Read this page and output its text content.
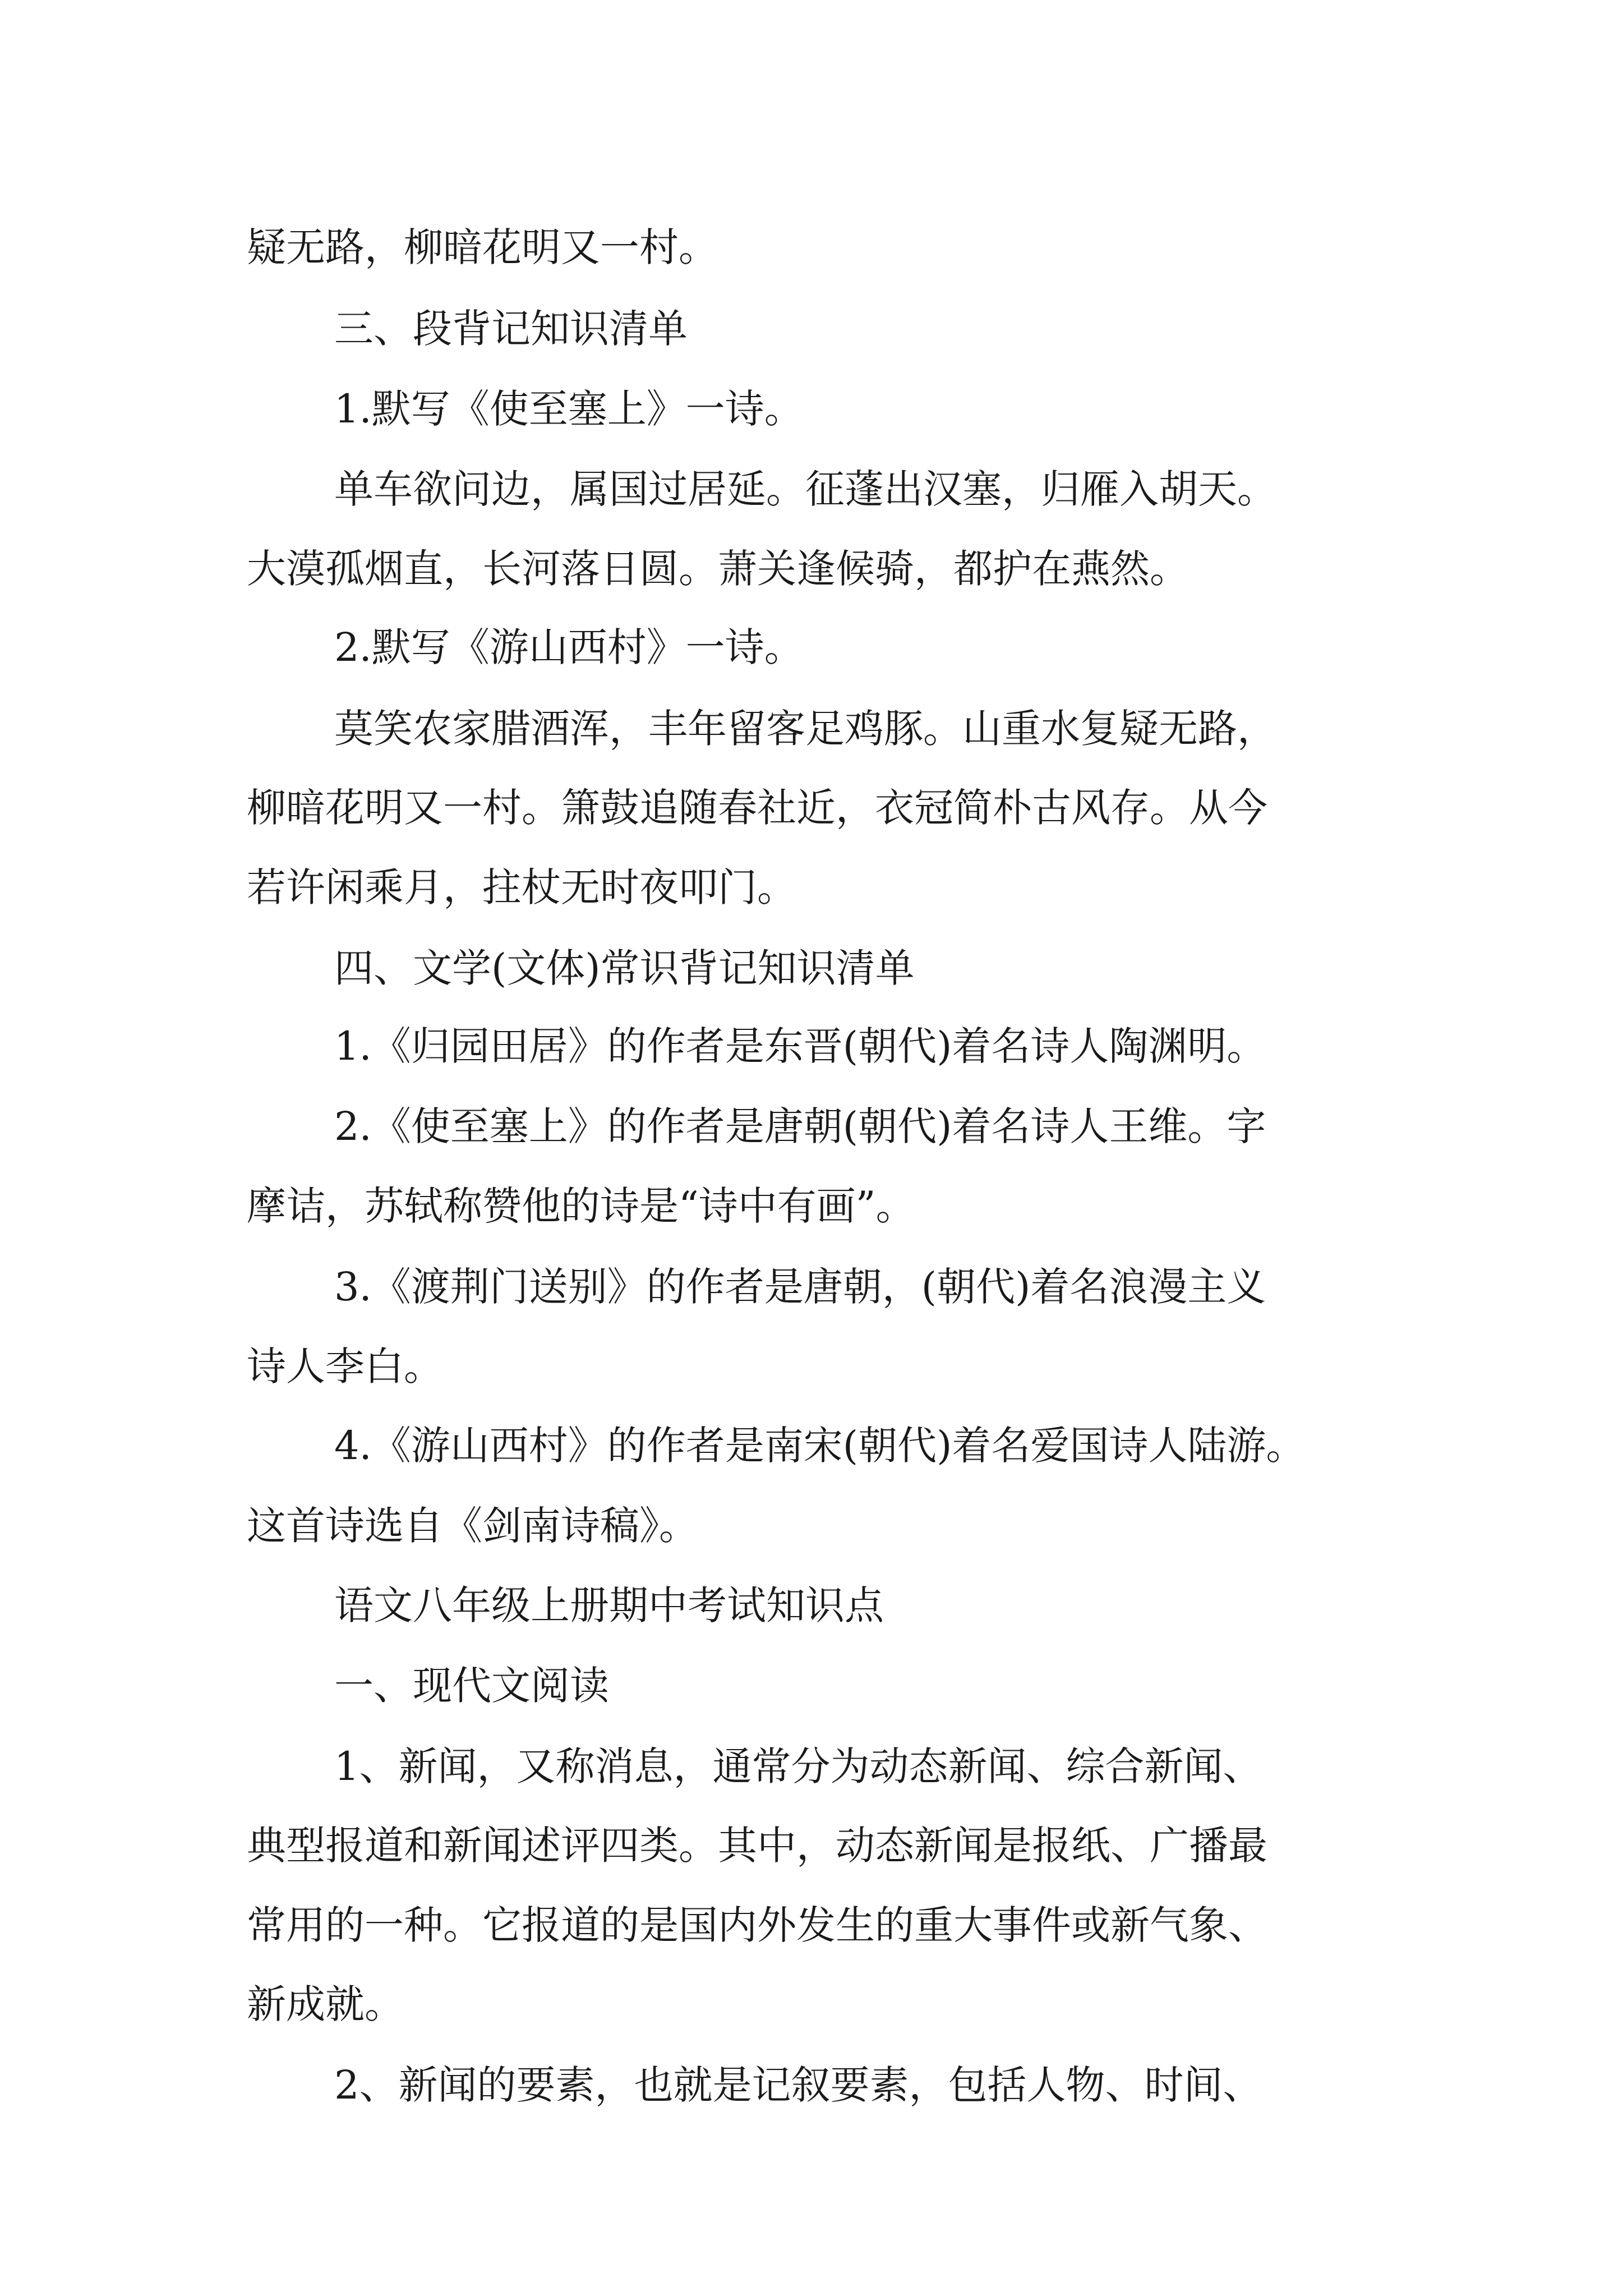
疑无路，柳暗花明又一村。
三、段背记知识清单
1.默写《使至塞上》一诗。
单车欲问边，属国过居延。征蓬出汉塞，归雁入胡天。
大漠孤烟直，长河落日圆。萧关逢候骑，都护在燕然。
2.默写《游山西村》一诗。
莫笑农家腊酒浑，丰年留客足鸡豚。山重水复疑无路，
柳暗花明又一村。箫鼓追随春社近，衣冠简朴古风存。从今
若许闲乘月，拄杖无时夜叩门。
四、文学(文体)常识背记知识清单
1.《归园田居》的作者是东晋(朝代)着名诗人陶渊明。
2.《使至塞上》的作者是唐朝(朝代)着名诗人王维。字
摩诘，苏轼称赞他的诗是“诗中有画”。
3.《渡荆门送别》的作者是唐朝，(朝代)着名浪漫主义
诗人李白。
4.《游山西村》的作者是南宋(朝代)着名爱国诗人陆游。
这首诗选自《剑南诗稿》。
语文八年级上册期中考试知识点
一、现代文阅读
1、新闻，又称消息，通常分为动态新闻、综合新闻、
典型报道和新闻述评四类。其中，动态新闻是报纸、广播最
常用的一种。它报道的是国内外发生的重大事件或新气象、
新成就。
2、新闻的要素，也就是记叙要素，包括人物、时间、
